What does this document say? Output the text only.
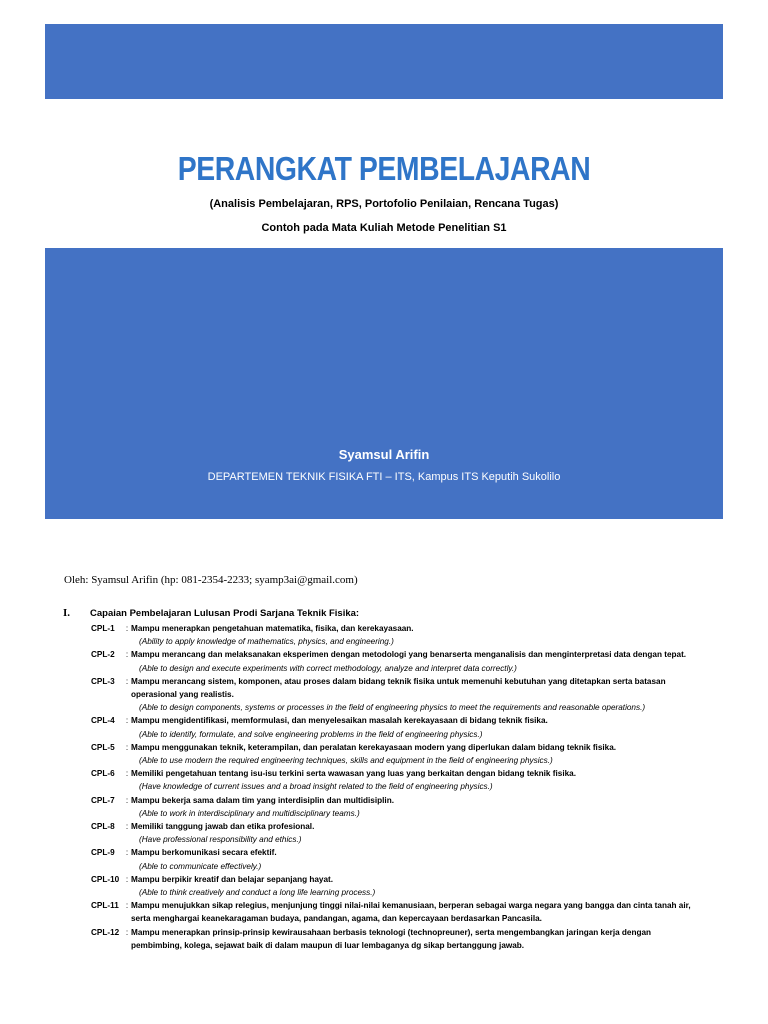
PERANGKAT PEMBELAJARAN
(Analisis Pembelajaran, RPS, Portofolio Penilaian, Rencana Tugas)
Contoh pada Mata Kuliah Metode Penelitian S1
Syamsul Arifin
DEPARTEMEN TEKNIK FISIKA FTI – ITS, Kampus ITS Keputih Sukolilo
Oleh: Syamsul Arifin (hp: 081-2354-2233; syamp3ai@gmail.com)
I.	Capaian Pembelajaran Lulusan Prodi Sarjana Teknik Fisika:
CPL-1	: Mampu menerapkan pengetahuan matematika, fisika, dan kerekayasaan.
(Ability to apply knowledge of mathematics, physics, and engineering.)
CPL-2	: Mampu merancang dan melaksanakan eksperimen dengan metodologi yang benarserta menganalisis dan menginterpretasi data dengan tepat.
(Able to design and execute experiments with correct methodology, analyze and interpret data correctly.)
CPL-3	: Mampu merancang sistem, komponen, atau proses dalam bidang teknik fisika untuk memenuhi kebutuhan yang ditetapkan serta batasan operasional yang realistis.
(Able to design components, systems or processes in the field of engineering physics to meet the requirements and reasonable operations.)
CPL-4	: Mampu mengidentifikasi, memformulasi, dan menyelesaikan masalah kerekayasaan di bidang teknik fisika.
(Able to identify, formulate, and solve engineering problems in the field of engineering physics.)
CPL-5	: Mampu menggunakan teknik, keterampilan, dan peralatan kerekayasaan modern yang diperlukan dalam bidang teknik fisika.
(Able to use modern the required engineering techniques, skills and equipment in the field of engineering physics.)
CPL-6	: Memiliki pengetahuan tentang isu-isu terkini serta wawasan yang luas yang berkaitan dengan bidang teknik fisika.
(Have knowledge of current issues and a broad insight related to the field of engineering physics.)
CPL-7	: Mampu bekerja sama dalam tim yang interdisiplin dan multidisiplin.
(Able to work in interdisciplinary and multidisciplinary teams.)
CPL-8	: Memiliki tanggung jawab dan etika profesional.
(Have professional responsibility and ethics.)
CPL-9	: Mampu berkomunikasi secara efektif.
(Able to communicate effectively.)
CPL-10 : Mampu berpikir kreatif dan belajar sepanjang hayat.
(Able to think creatively and conduct a long life learning process.)
CPL-11 : Mampu menujukkan sikap relegius, menjunjung tinggi nilai-nilai kemanusiaan, berperan sebagai warga negara yang bangga dan cinta tanah air, serta menghargai keanekaragaman budaya, pandangan, agama, dan kepercayaan berdasarkan Pancasila.
CPL-12 : Mampu menerapkan prinsip-prinsip kewirausahaan berbasis teknologi (technopreuner), serta mengembangkan jaringan kerja dengan pembimbing, kolega, sejawat baik di dalam maupun di luar lembaganya dg sikap bertanggung jawab.
